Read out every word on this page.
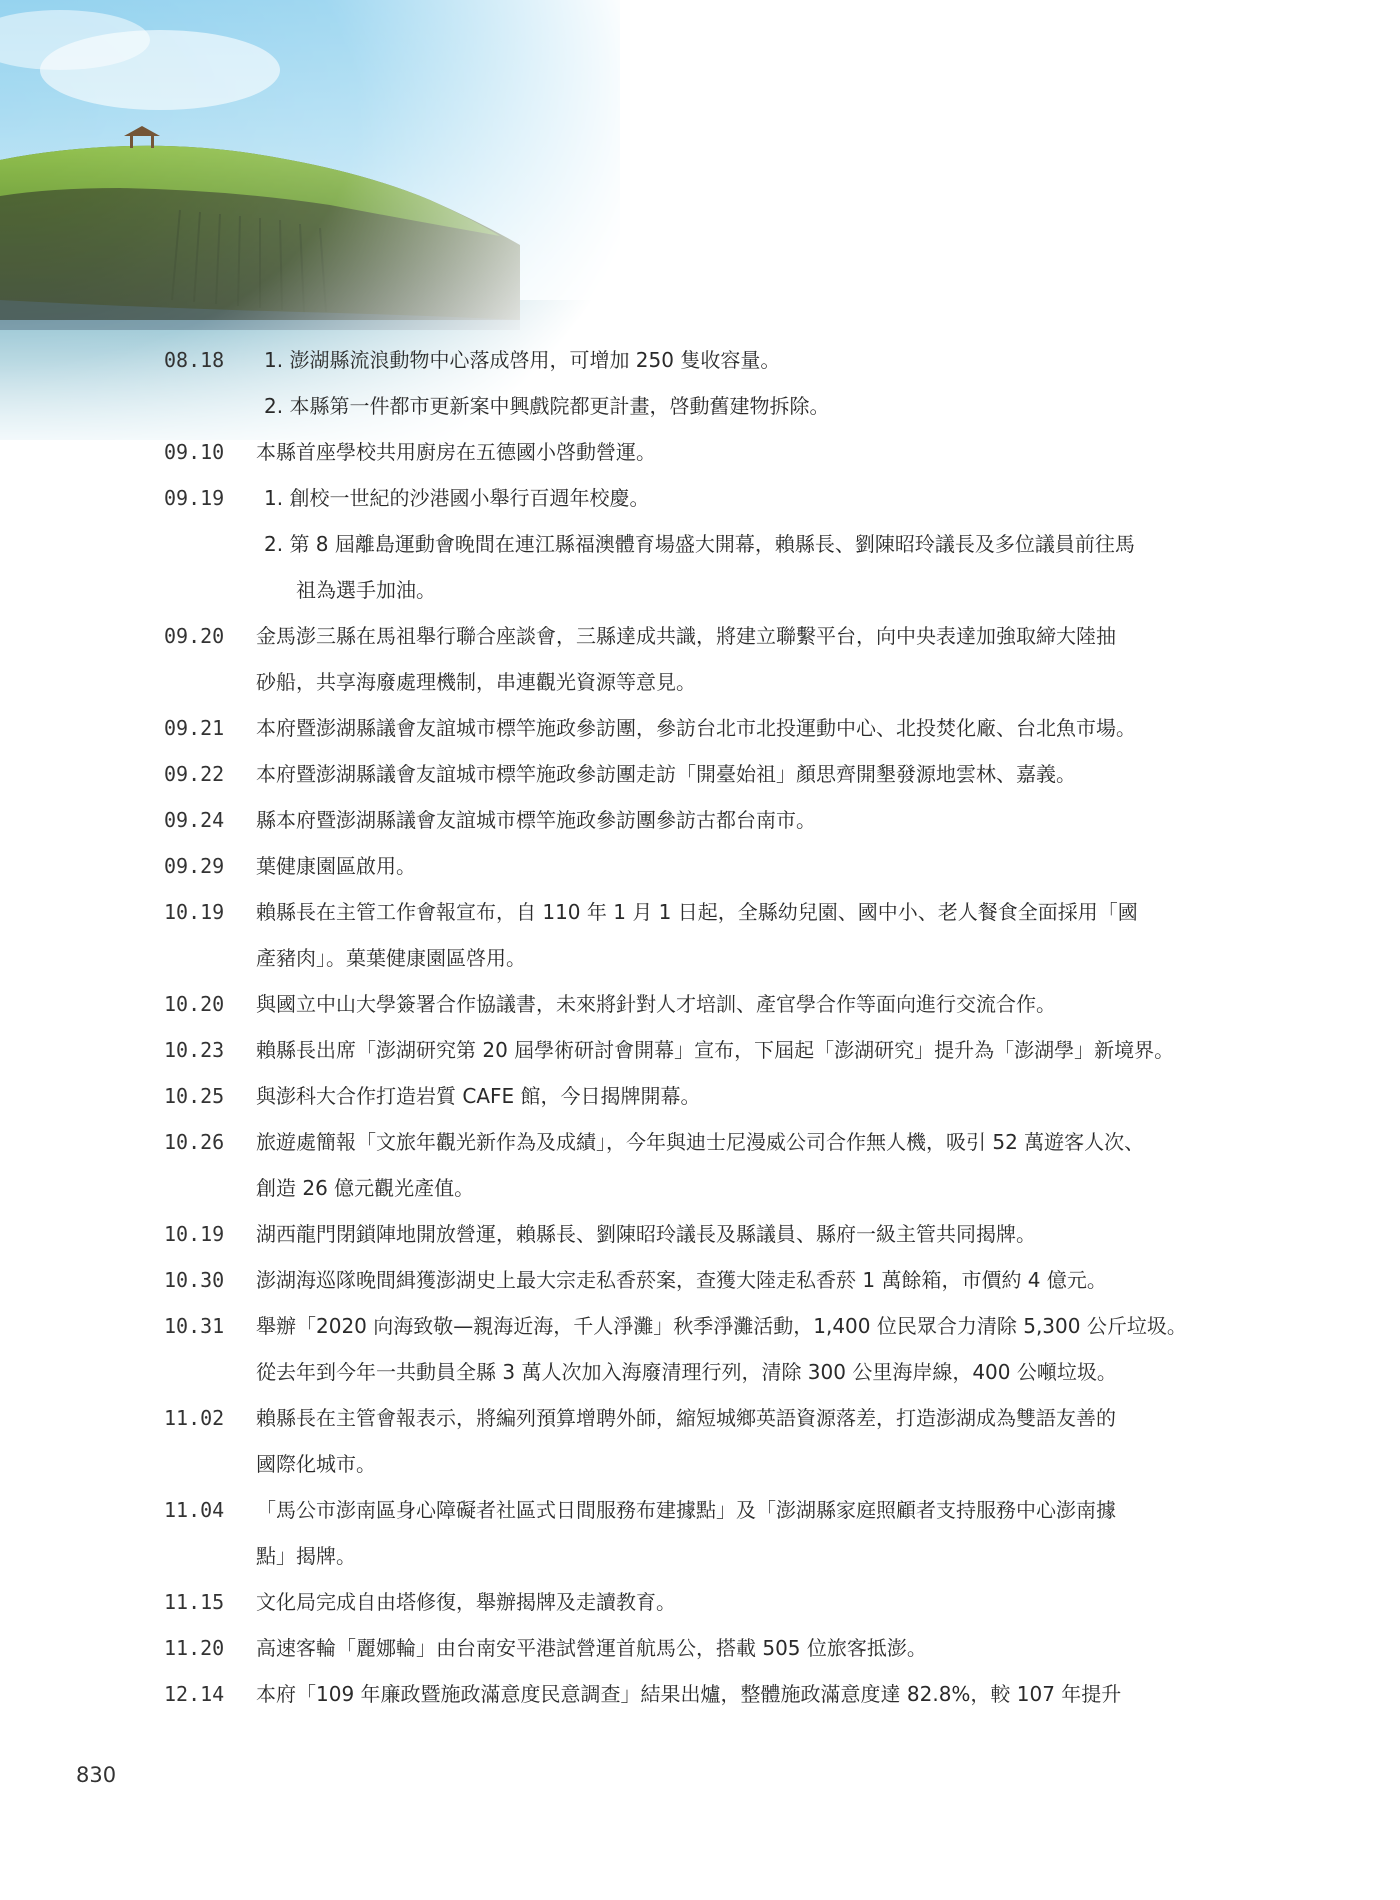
08.18	1. 澎湖縣流浪動物中心落成啓用，可增加 250 隻收容量。
2. 本縣第一件都市更新案中興戲院都更計畫，啓動舊建物拆除。
09.10	本縣首座學校共用廚房在五德國小啓動營運。
09.19	1. 創校一世紀的沙港國小舉行百週年校慶。
2. 第 8 屆離島運動會晚間在連江縣福澳體育場盛大開幕，賴縣長、劉陳昭玲議長及多位議員前往馬
祖為選手加油。
09.20	金馬澎三縣在馬祖舉行聯合座談會，三縣達成共識，將建立聯繫平台，向中央表達加強取締大陸抽
砂船，共享海廢處理機制，串連觀光資源等意見。
09.21	本府暨澎湖縣議會友誼城市標竿施政參訪團，參訪台北市北投運動中心、北投焚化廠、台北魚市場。
09.22	本府暨澎湖縣議會友誼城市標竿施政參訪團走訪「開臺始祖」顏思齊開墾發源地雲林、嘉義。
09.24	縣本府暨澎湖縣議會友誼城市標竿施政參訪團參訪古都台南市。
09.29	葉健康園區啟用。
10.19	賴縣長在主管工作會報宣布，自 110 年 1 月 1 日起，全縣幼兒園、國中小、老人餐食全面採用「國
產豬肉」。菓葉健康園區啓用。
10.20	與國立中山大學簽署合作協議書，未來將針對人才培訓、產官學合作等面向進行交流合作。
10.23	賴縣長出席「澎湖研究第 20 屆學術研討會開幕」宣布，下屆起「澎湖研究」提升為「澎湖學」新境界。
10.25	與澎科大合作打造岩質 CAFE 館，今日揭牌開幕。
10.26	旅遊處簡報「文旅年觀光新作為及成績」，今年與迪士尼漫威公司合作無人機，吸引 52 萬遊客人次、
創造 26 億元觀光產值。
10.19	湖西龍門閉鎖陣地開放營運，賴縣長、劉陳昭玲議長及縣議員、縣府一級主管共同揭牌。
10.30	澎湖海巡隊晚間緝獲澎湖史上最大宗走私香菸案，查獲大陸走私香菸 1 萬餘箱，市價約 4 億元。
10.31	舉辦「2020 向海致敬—親海近海，千人淨灘」秋季淨灘活動，1,400 位民眾合力清除 5,300 公斤垃圾。
從去年到今年一共動員全縣 3 萬人次加入海廢清理行列，清除 300 公里海岸線，400 公噸垃圾。
11.02	賴縣長在主管會報表示，將編列預算增聘外師，縮短城鄉英語資源落差，打造澎湖成為雙語友善的
國際化城市。
11.04	「馬公市澎南區身心障礙者社區式日間服務布建據點」及「澎湖縣家庭照顧者支持服務中心澎南據
點」揭牌。
11.15	文化局完成自由塔修復，舉辦揭牌及走讀教育。
11.20	高速客輪「麗娜輪」由台南安平港試營運首航馬公，搭載 505 位旅客抵澎。
12.14	本府「109 年廉政暨施政滿意度民意調查」結果出爐，整體施政滿意度達 82.8%，較 107 年提升
830
